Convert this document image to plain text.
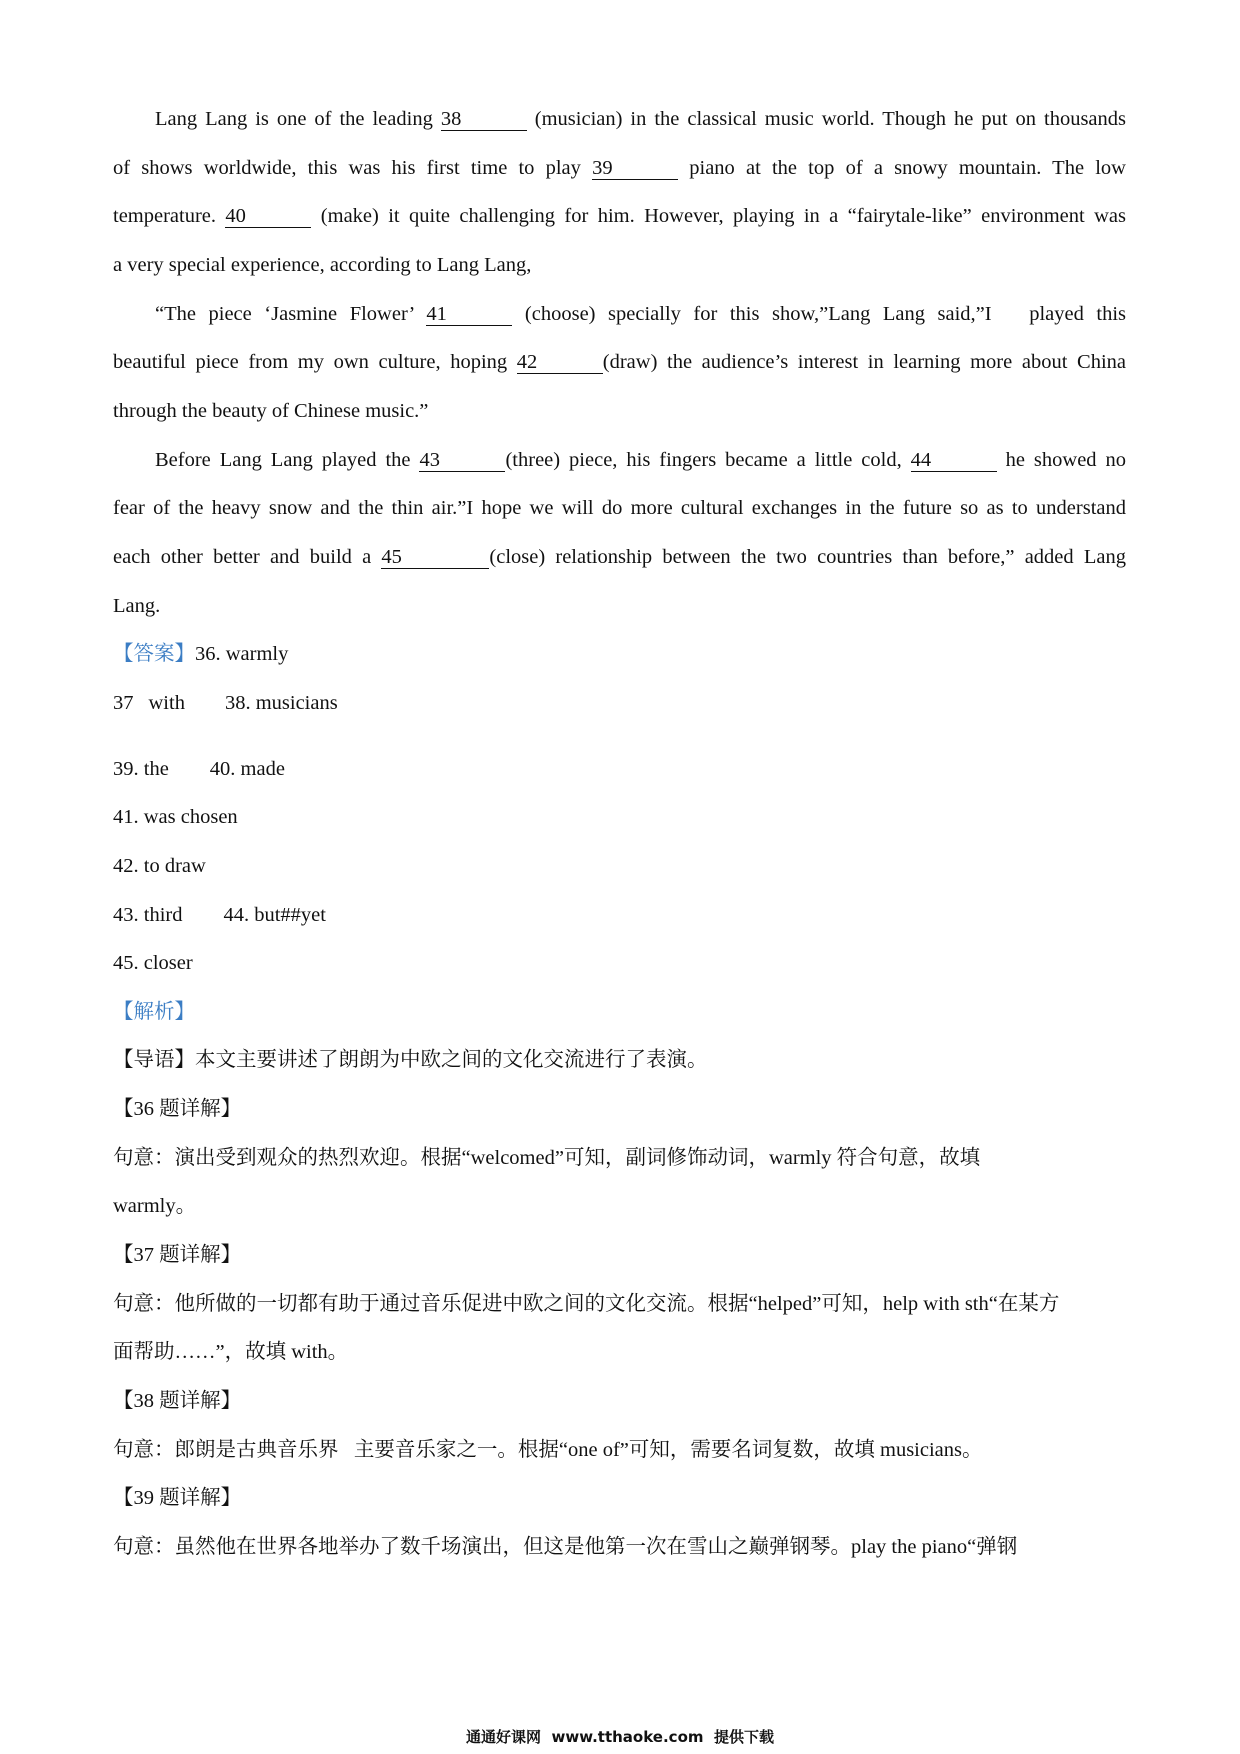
Lang Lang is one of the leading 38	(musician) in the classical music world. Though he put on thousands
of shows worldwide, this was his first time to play 39	piano at the top of a snowy mountain. The low
temperature. 40	(make) it quite challenging for him. However, playing in a “fairytale-like” environment was
a very special experience, according to Lang Lang,
“The piece ‘Jasmine Flower’ 41	(choose) specially for this show,”Lang Lang said,”I   played this
beautiful piece from my own culture, hoping 42	(draw) the audience’s interest in learning more about China
through the beauty of Chinese music.”
Before Lang Lang played the 43	(three) piece, his fingers became a little cold, 44	he showed no
fear of the heavy snow and the thin air.”I hope we will do more cultural exchanges in the future so as to understand
each other better and build a 45	(close) relationship between the two countries than before,” added Lang
Lang.
【答案】36. warmly
37 with 38. musicians
39. the 40. made
41. was chosen
42. to draw
43. third 44. but##yet
45. closer
【解析】
【导语】本文主要讲述了朗朗为中欧之间的文化交流进行了表演。
【36 题详解】
句意：演出受到观众的热烈欢迎。根据“welcomed”可知，副词修饰动词，warmly 符合句意，故填
warmly。
【37 题详解】
句意：他所做的一切都有助于通过音乐促进中欧之间的文化交流。根据“helped”可知，help with sth“在某方
面帮助……”，故填 with。
【38 题详解】
句意：郎朗是古典音乐界   主要音乐家之一。根据“one of”可知，需要名词复数，故填 musicians。
【39 题详解】
句意：虽然他在世界各地举办了数千场演出，但这是他第一次在雪山之巅弹钢琴。play the piano“弹钢
通通好课网  www.tthaoke.com  提供下载
